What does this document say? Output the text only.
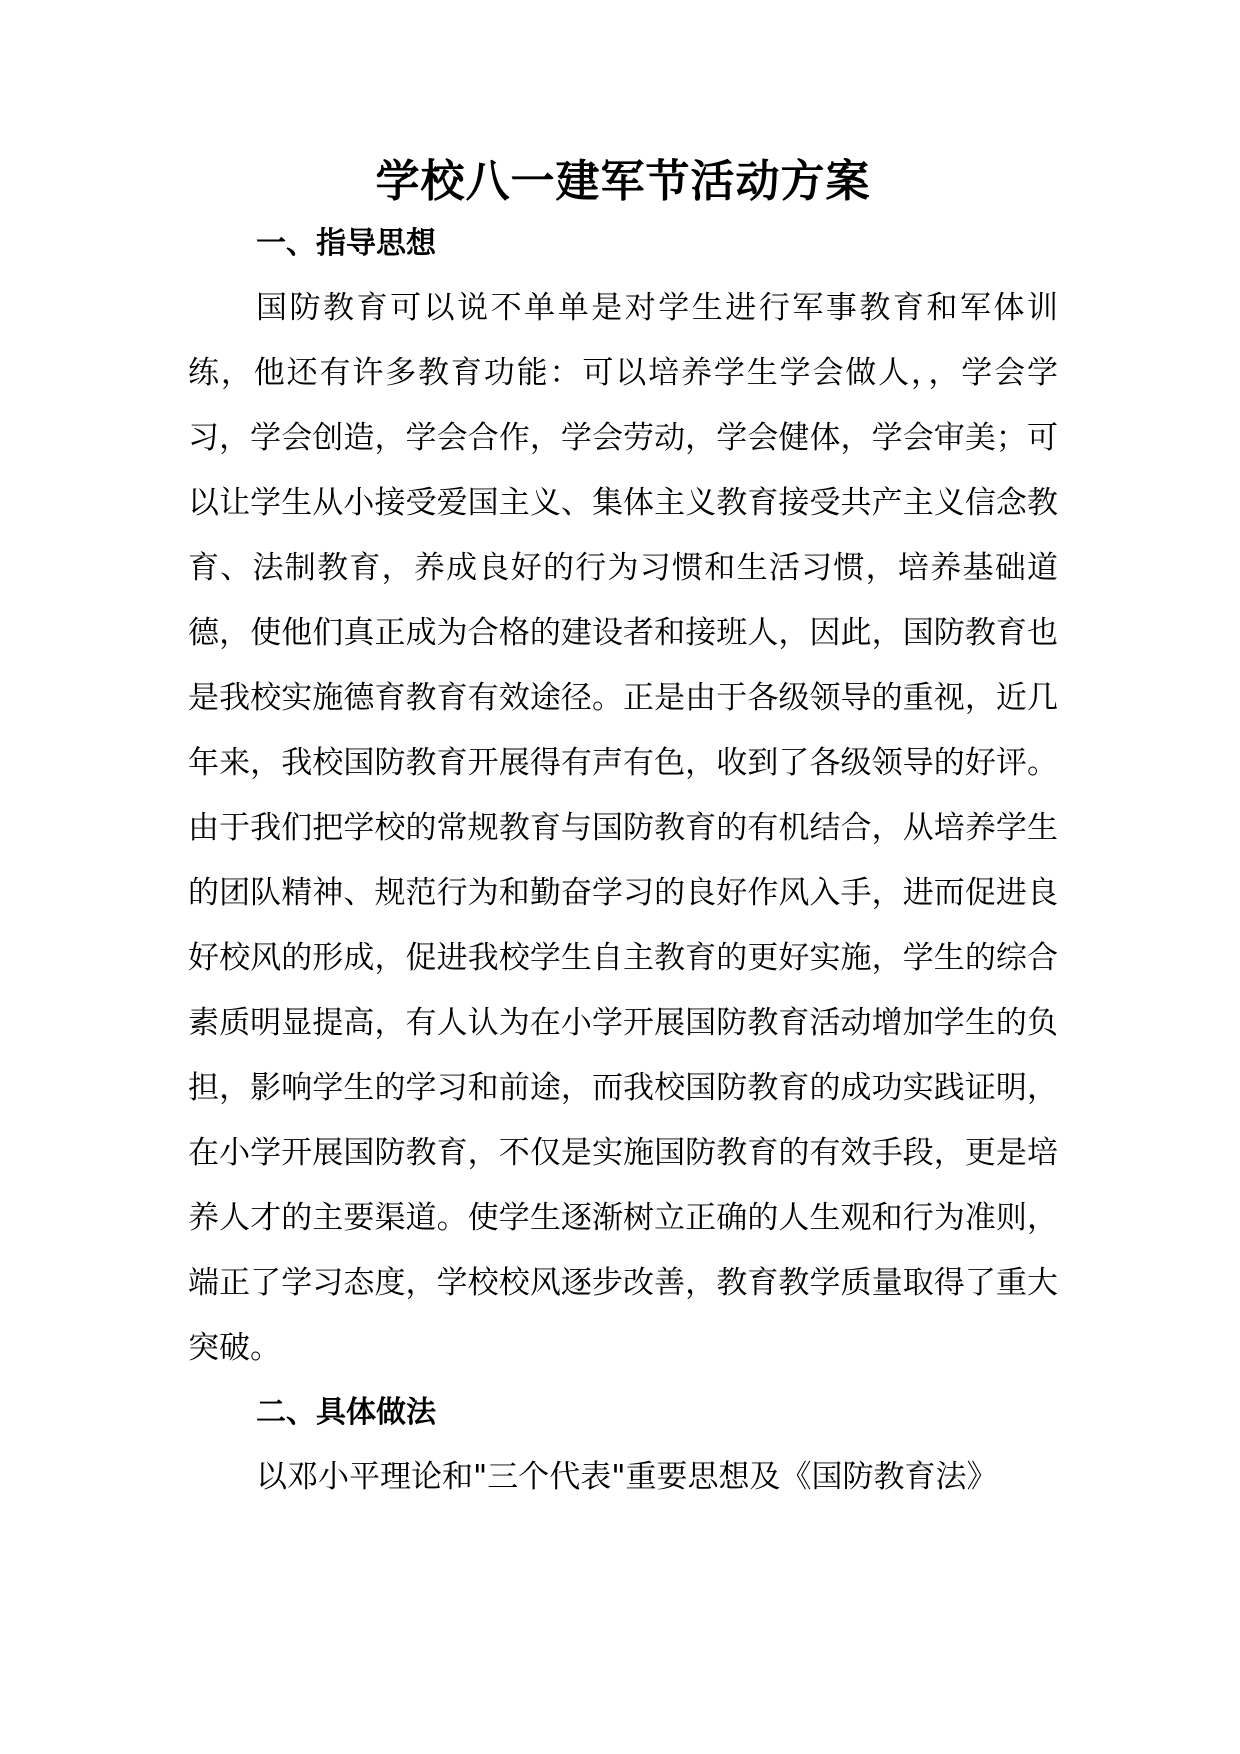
学校八一建军节活动方案
一、指导思想

国防教育可以说不单单是对学生进行军事教育和军体训练，他还有许多教育功能：可以培养学生学会做人，，学会学习，学会创造，学会合作，学会劳动，学会健体，学会审美；可以让学生从小接受爱国主义、集体主义教育接受共产主义信念教育、法制教育，养成良好的行为习惯和生活习惯，培养基础道德，使他们真正成为合格的建设者和接班人，因此，国防教育也是我校实施德育教育有效途径。正是由于各级领导的重视，近几年来，我校国防教育开展得有声有色，收到了各级领导的好评。由于我们把学校的常规教育与国防教育的有机结合，从培养学生的团队精神、规范行为和勤奋学习的良好作风入手，进而促进良好校风的形成，促进我校学生自主教育的更好实施，学生的综合素质明显提高，有人认为在小学开展国防教育活动增加学生的负担，影响学生的学习和前途，而我校国防教育的成功实践证明，在小学开展国防教育，不仅是实施国防教育的有效手段，更是培养人才的主要渠道。使学生逐渐树立正确的人生观和行为准则，端正了学习态度，学校校风逐步改善，教育教学质量取得了重大突破。

二、具体做法

以邓小平理论和"三个代表"重要思想及《国防教育法》
